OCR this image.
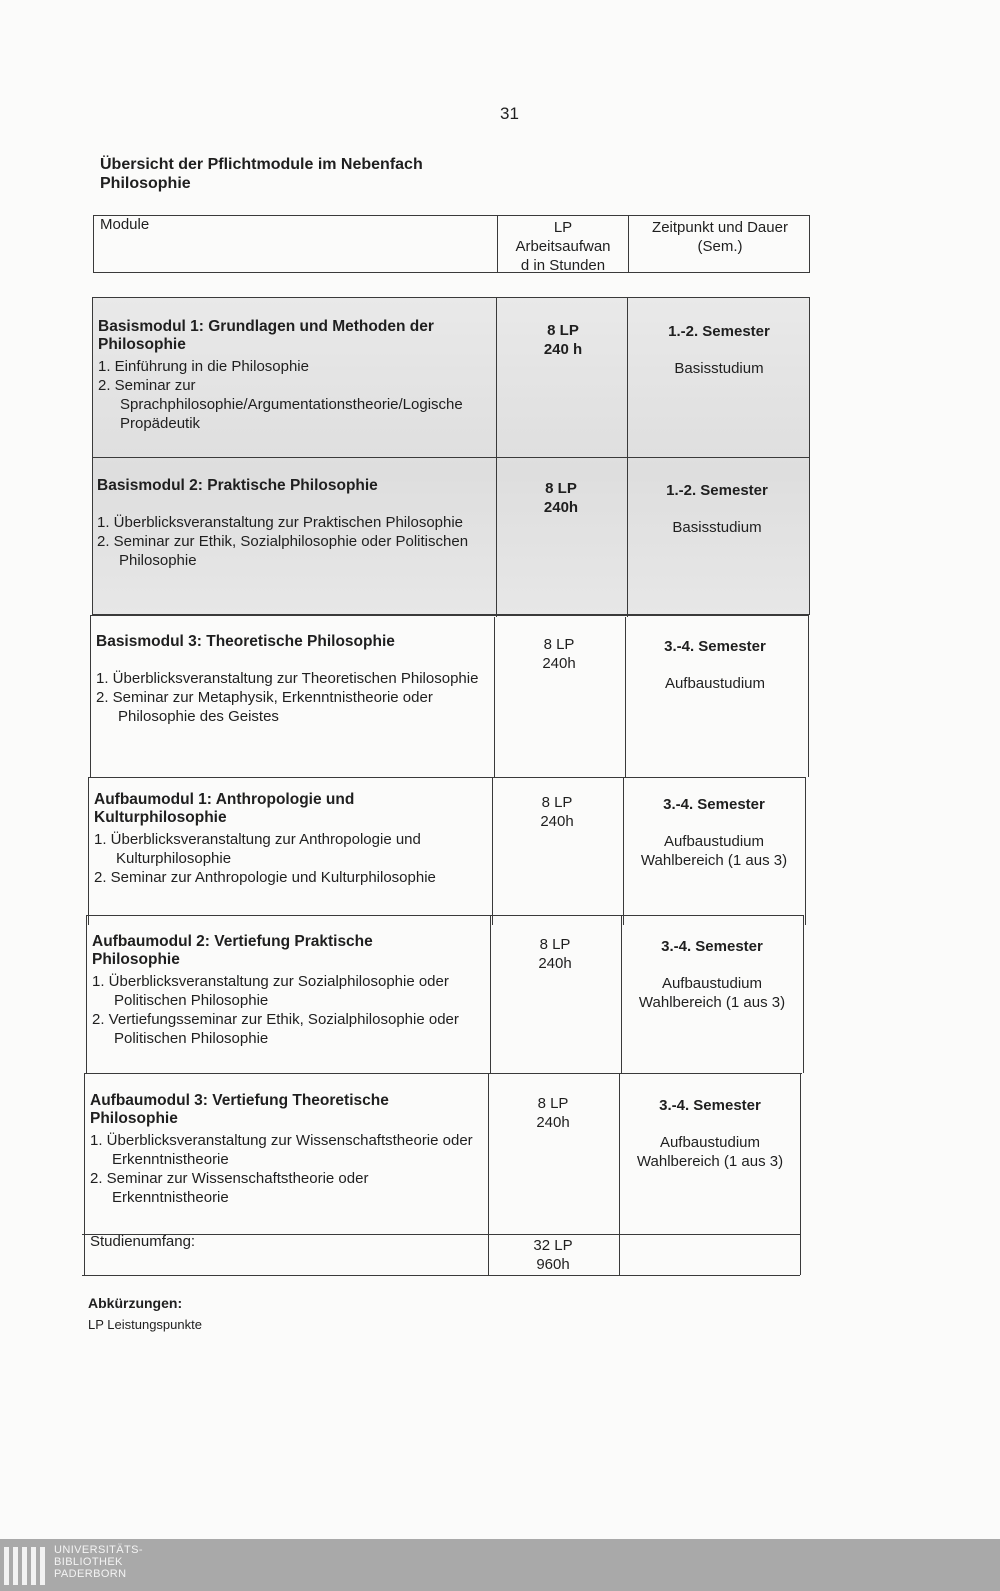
31
Übersicht der Pflichtmodule im Nebenfach
Philosophie
Module	LP
Arbeitsaufwan
d in Stunden
Zeitpunkt und Dauer
(Sem.)
Basismodul 1: Grundlagen und Methoden der
Philosophie
1. Einführung in die Philosophie
2. Seminar zur Sprachphilosophie/Argumentationstheorie/Logische Propädeutik
8 LP
240 h
1.-2. Semester
Basisstudium
Basismodul 2: Praktische Philosophie
1. Überblicksveranstaltung zur Praktischen Philosophie
2. Seminar zur Ethik, Sozialphilosophie oder Politischen Philosophie
8 LP
240h
1.-2. Semester
Basisstudium
Basismodul 3: Theoretische Philosophie
1. Überblicksveranstaltung zur Theoretischen Philosophie
2. Seminar zur Metaphysik, Erkenntnistheorie oder Philosophie des Geistes
8 LP
240h
3.-4. Semester
Aufbaustudium
Aufbaumodul 1: Anthropologie und
Kulturphilosophie
1. Überblicksveranstaltung zur Anthropologie und Kulturphilosophie
2. Seminar zur Anthropologie und Kulturphilosophie
8 LP
240h
3.-4. Semester
Aufbaustudium
Wahlbereich (1 aus 3)
Aufbaumodul 2: Vertiefung Praktische
Philosophie
1. Überblicksveranstaltung zur Sozialphilosophie oder Politischen Philosophie
2. Vertiefungsseminar zur Ethik, Sozialphilosophie oder Politischen Philosophie
8 LP
240h
3.-4. Semester
Aufbaustudium
Wahlbereich (1 aus 3)
Aufbaumodul 3: Vertiefung Theoretische
Philosophie
1. Überblicksveranstaltung zur Wissenschaftstheorie oder Erkenntnistheorie
2. Seminar zur Wissenschaftstheorie oder Erkenntnistheorie
8 LP
240h
3.-4. Semester
Aufbaustudium
Wahlbereich (1 aus 3)
Studienumfang:	32 LP
960h
Abkürzungen:
LP Leistungspunkte
UNIVERSITÄTS-
BIBLIOTHEK
PADERBORN
